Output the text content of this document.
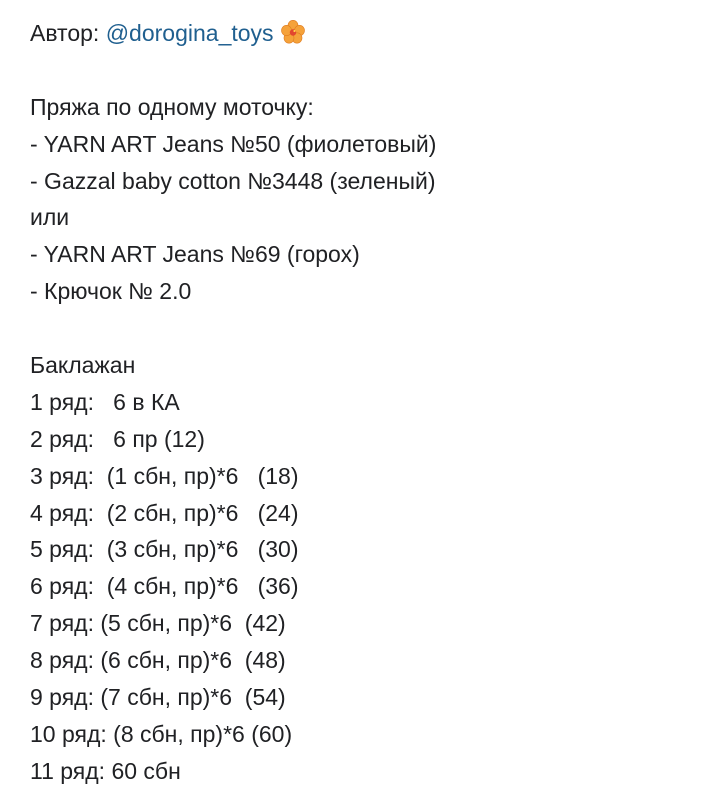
Автор: @dorogina_toys
Пряжа по одному моточку:
- YARN ART Jeans №50 (фиолетовый)
- Gazzal baby cotton №3448 (зеленый)
или
- YARN ART Jeans №69 (горох)
- Крючок № 2.0
Баклажан
1 ряд:   6 в КА
2 ряд:   6 пр (12)
3 ряд:  (1 сбн, пр)*6   (18)
4 ряд:  (2 сбн, пр)*6   (24)
5 ряд:  (3 сбн, пр)*6   (30)
6 ряд:  (4 сбн, пр)*6   (36)
7 ряд: (5 сбн, пр)*6  (42)
8 ряд: (6 сбн, пр)*6  (48)
9 ряд: (7 сбн, пр)*6  (54)
10 ряд: (8 сбн, пр)*6 (60)
11 ряд: 60 сбн
